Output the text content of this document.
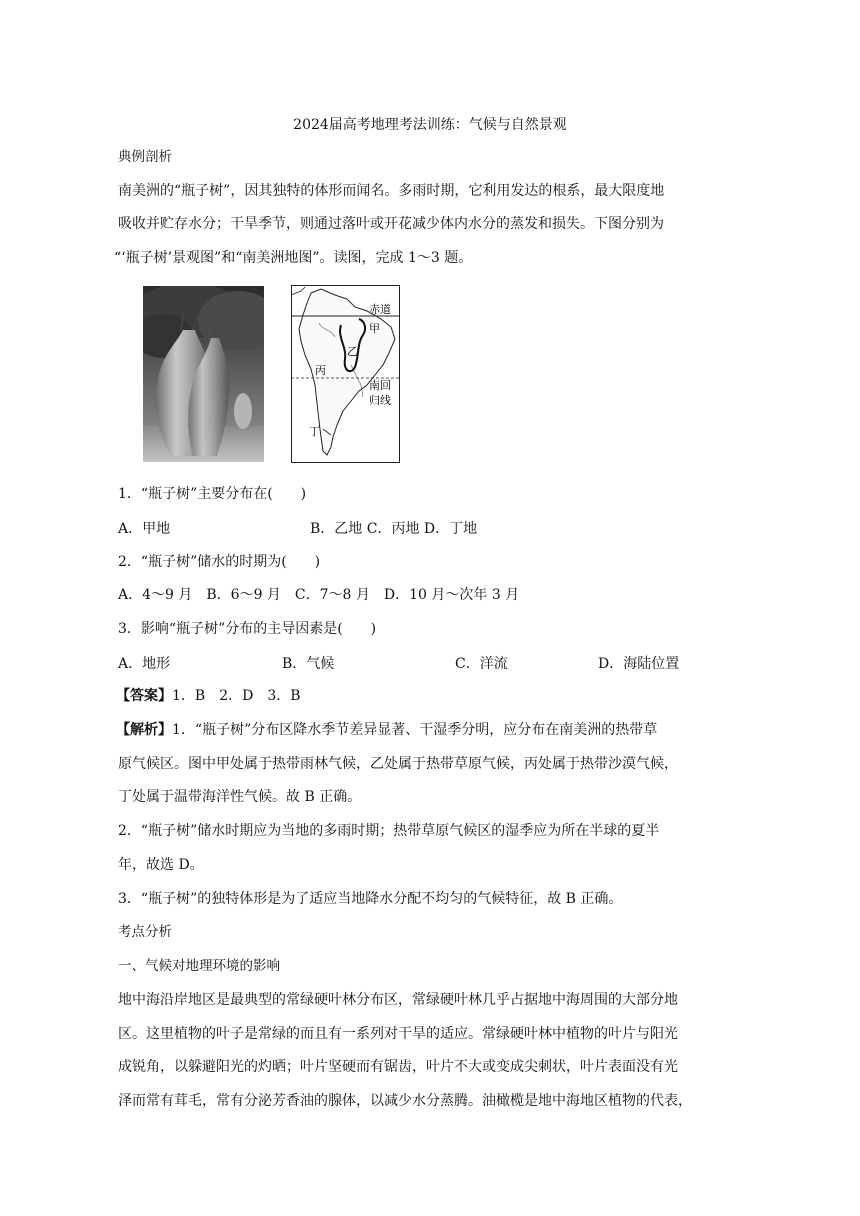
2024届高考地理考法训练：气候与自然景观
典例剖析
南美洲的“瓶子树”，因其独特的体形而闻名。多雨时期，它利用发达的根系，最大限度地
吸收并贮存水分；干旱季节，则通过落叶或开花减少体内水分的蒸发和损失。下图分别为
“‘瓶子树’景观图”和“南美洲地图”。读图，完成 1～3 题。
赤道
甲
乙
丙
南回
归线
丁
1．“瓶子树”主要分布在(　　)
A．甲地	B．乙地 C．丙地 D．丁地
2．“瓶子树”储水的时期为(　　)
A．4～9 月　B．6～9 月　C．7～8 月　D．10 月～次年 3 月
3．影响“瓶子树”分布的主导因素是(　　)
A．地形	B．气候	C．洋流	D．海陆位置
【答案】1．B　2．D　3．B
【解析】1．“瓶子树”分布区降水季节差异显著、干湿季分明，应分布在南美洲的热带草
原气候区。图中甲处属于热带雨林气候，乙处属于热带草原气候，丙处属于热带沙漠气候，
丁处属于温带海洋性气候。故 B 正确。
2．“瓶子树”储水时期应为当地的多雨时期；热带草原气候区的湿季应为所在半球的夏半
年，故选 D。
3．“瓶子树”的独特体形是为了适应当地降水分配不均匀的气候特征，故 B 正确。
考点分析
一、气候对地理环境的影响
地中海沿岸地区是最典型的常绿硬叶林分布区，常绿硬叶林几乎占据地中海周围的大部分地
区。这里植物的叶子是常绿的而且有一系列对干旱的适应。常绿硬叶林中植物的叶片与阳光
成锐角，以躲避阳光的灼晒；叶片坚硬而有锯齿，叶片不大或变成尖刺状，叶片表面没有光
泽而常有茸毛，常有分泌芳香油的腺体，以减少水分蒸腾。油橄榄是地中海地区植物的代表，
